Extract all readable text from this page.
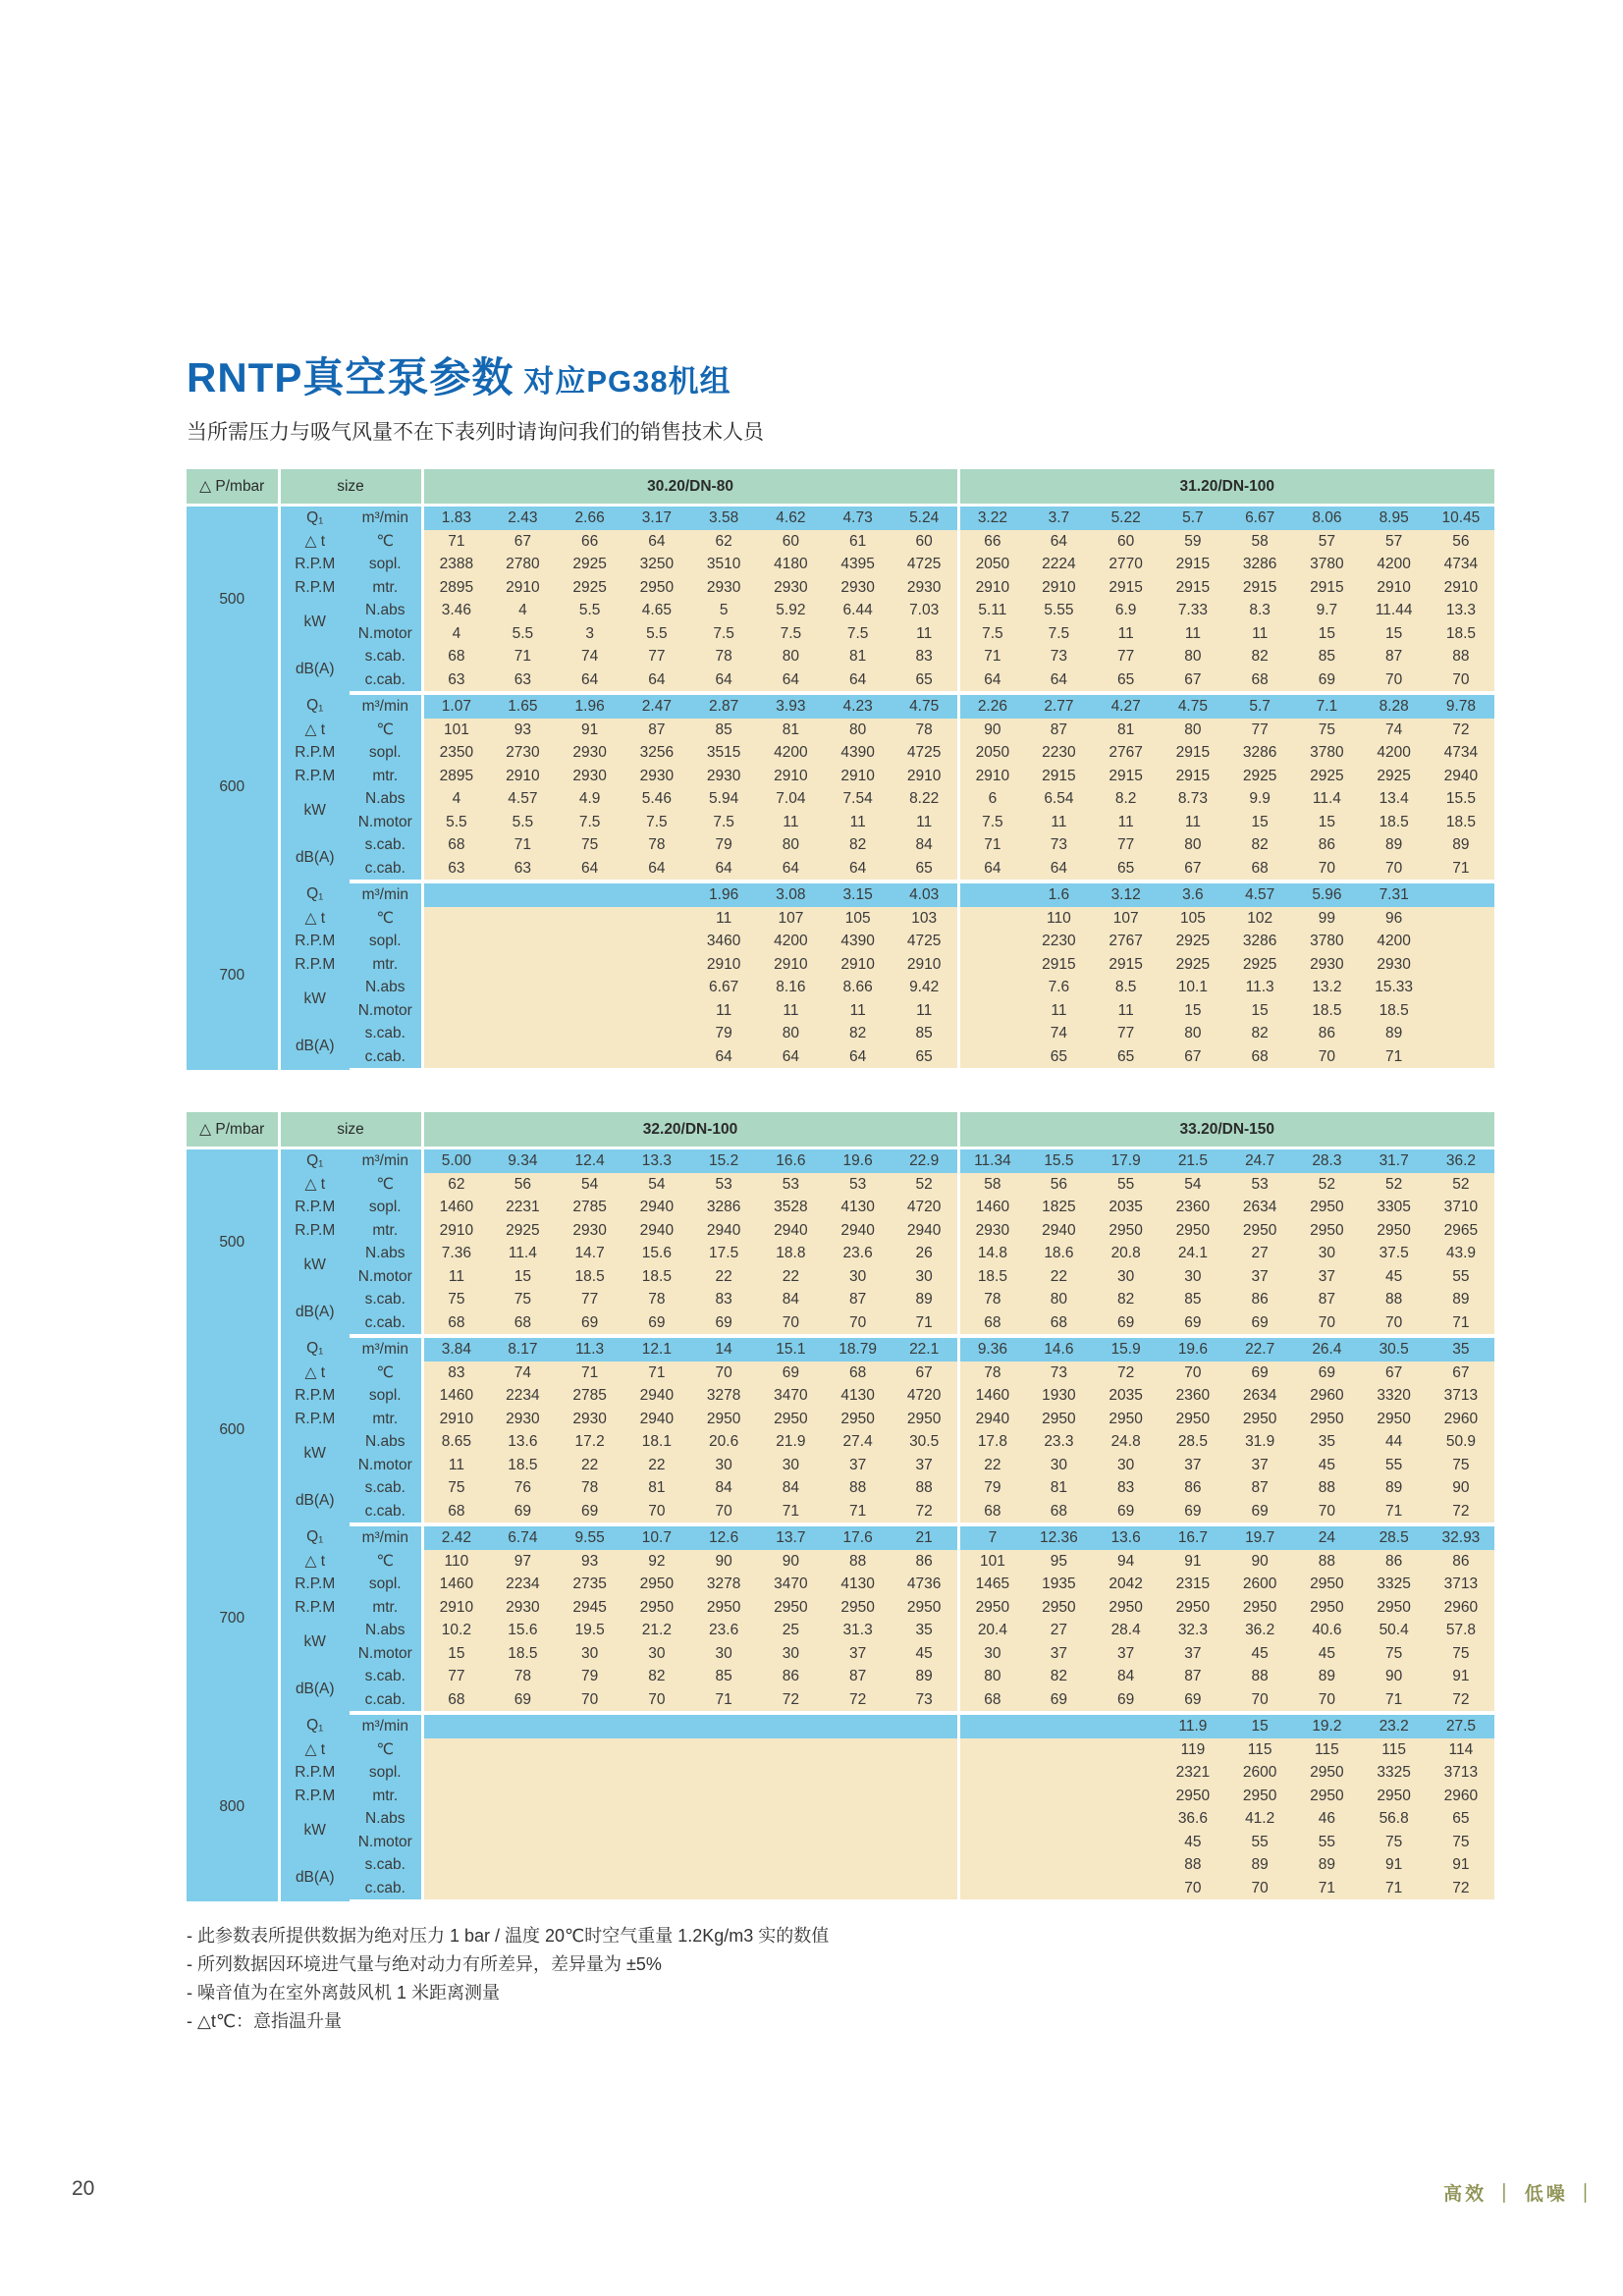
RNTP真空泵参数 对应PG38机组
当所需压力与吸气风量不在下表列时请询问我们的销售技术人员
△ P/mbar	size		30.20/DN-80								31.20/DN-100							
500	Q₁	m³/min	1.83	2.43	2.66	3.17	3.58	4.62	4.73	5.24	3.22	3.7	5.22	5.7	6.67	8.06	8.95	10.45
	△ t	℃	71	67	66	64	62	60	61	60	66	64	60	59	58	57	57	56
	R.P.M	sopl.	2388	2780	2925	3250	3510	4180	4395	4725	2050	2224	2770	2915	3286	3780	4200	4734
	R.P.M	mtr.	2895	2910	2925	2950	2930	2930	2930	2930	2910	2910	2915	2915	2915	2915	2910	2910
	kW	N.abs	3.46	4	5.5	4.65	5	5.92	6.44	7.03	5.11	5.55	6.9	7.33	8.3	9.7	11.44	13.3
		N.motor	4	5.5	3	5.5	7.5	7.5	7.5	11	7.5	7.5	11	11	11	15	15	18.5
	dB(A)	s.cab.	68	71	74	77	78	80	81	83	71	73	77	80	82	85	87	88
		c.cab.	63	63	64	64	64	64	64	65	64	64	65	67	68	69	70	70
600	Q₁	m³/min	1.07	1.65	1.96	2.47	2.87	3.93	4.23	4.75	2.26	2.77	4.27	4.75	5.7	7.1	8.28	9.78
	△ t	℃	101	93	91	87	85	81	80	78	90	87	81	80	77	75	74	72
	R.P.M	sopl.	2350	2730	2930	3256	3515	4200	4390	4725	2050	2230	2767	2915	3286	3780	4200	4734
	R.P.M	mtr.	2895	2910	2930	2930	2930	2910	2910	2910	2910	2915	2915	2915	2925	2925	2925	2940
	kW	N.abs	4	4.57	4.9	5.46	5.94	7.04	7.54	8.22	6	6.54	8.2	8.73	9.9	11.4	13.4	15.5
		N.motor	5.5	5.5	7.5	7.5	7.5	11	11	11	7.5	11	11	11	15	15	18.5	18.5
	dB(A)	s.cab.	68	71	75	78	79	80	82	84	71	73	77	80	82	86	89	89
		c.cab.	63	63	64	64	64	64	64	65	64	64	65	67	68	70	70	71
700	Q₁	m³/min					1.96	3.08	3.15	4.03		1.6	3.12	3.6	4.57	5.96	7.31	
	△ t	℃					11	107	105	103		110	107	105	102	99	96	
	R.P.M	sopl.					3460	4200	4390	4725		2230	2767	2925	3286	3780	4200	
	R.P.M	mtr.					2910	2910	2910	2910		2915	2915	2925	2925	2930	2930	
	kW	N.abs					6.67	8.16	8.66	9.42		7.6	8.5	10.1	11.3	13.2	15.33	
		N.motor					11	11	11	11		11	11	15	15	18.5	18.5	
	dB(A)	s.cab.					79	80	82	85		74	77	80	82	86	89	
		c.cab.					64	64	64	65		65	65	67	68	70	71	
△ P/mbar	size		32.20/DN-100								33.20/DN-150							
500	Q₁	m³/min	5.00	9.34	12.4	13.3	15.2	16.6	19.6	22.9	11.34	15.5	17.9	21.5	24.7	28.3	31.7	36.2
	△ t	℃	62	56	54	54	53	53	53	52	58	56	55	54	53	52	52	52
	R.P.M	sopl.	1460	2231	2785	2940	3286	3528	4130	4720	1460	1825	2035	2360	2634	2950	3305	3710
	R.P.M	mtr.	2910	2925	2930	2940	2940	2940	2940	2940	2930	2940	2950	2950	2950	2950	2950	2965
	kW	N.abs	7.36	11.4	14.7	15.6	17.5	18.8	23.6	26	14.8	18.6	20.8	24.1	27	30	37.5	43.9
		N.motor	11	15	18.5	18.5	22	22	30	30	18.5	22	30	30	37	37	45	55
	dB(A)	s.cab.	75	75	77	78	83	84	87	89	78	80	82	85	86	87	88	89
		c.cab.	68	68	69	69	69	70	70	71	68	68	69	69	69	70	70	71
600	Q₁	m³/min	3.84	8.17	11.3	12.1	14	15.1	18.79	22.1	9.36	14.6	15.9	19.6	22.7	26.4	30.5	35
	△ t	℃	83	74	71	71	70	69	68	67	78	73	72	70	69	69	67	67
	R.P.M	sopl.	1460	2234	2785	2940	3278	3470	4130	4720	1460	1930	2035	2360	2634	2960	3320	3713
	R.P.M	mtr.	2910	2930	2930	2940	2950	2950	2950	2950	2940	2950	2950	2950	2950	2950	2950	2960
	kW	N.abs	8.65	13.6	17.2	18.1	20.6	21.9	27.4	30.5	17.8	23.3	24.8	28.5	31.9	35	44	50.9
		N.motor	11	18.5	22	22	30	30	37	37	22	30	30	37	37	45	55	75
	dB(A)	s.cab.	75	76	78	81	84	84	88	88	79	81	83	86	87	88	89	90
		c.cab.	68	69	69	70	70	71	71	72	68	68	69	69	69	70	71	72
700	Q₁	m³/min	2.42	6.74	9.55	10.7	12.6	13.7	17.6	21	7	12.36	13.6	16.7	19.7	24	28.5	32.93
	△ t	℃	110	97	93	92	90	90	88	86	101	95	94	91	90	88	86	86
	R.P.M	sopl.	1460	2234	2735	2950	3278	3470	4130	4736	1465	1935	2042	2315	2600	2950	3325	3713
	R.P.M	mtr.	2910	2930	2945	2950	2950	2950	2950	2950	2950	2950	2950	2950	2950	2950	2950	2960
	kW	N.abs	10.2	15.6	19.5	21.2	23.6	25	31.3	35	20.4	27	28.4	32.3	36.2	40.6	50.4	57.8
		N.motor	15	18.5	30	30	30	30	37	45	30	37	37	37	45	45	75	75
	dB(A)	s.cab.	77	78	79	82	85	86	87	89	80	82	84	87	88	89	90	91
		c.cab.	68	69	70	70	71	72	72	73	68	69	69	69	70	70	71	72
800	Q₁	m³/min												11.9	15	19.2	23.2	27.5
	△ t	℃												119	115	115	115	114
	R.P.M	sopl.												2321	2600	2950	3325	3713
	R.P.M	mtr.												2950	2950	2950	2950	2960
	kW	N.abs												36.6	41.2	46	56.8	65
		N.motor												45	55	55	75	75
	dB(A)	s.cab.												88	89	89	91	91
		c.cab.												70	70	71	71	72
- 此参数表所提供数据为绝对压力 1 bar / 温度 20℃时空气重量 1.2Kg/m3 实的数值
- 所列数据因环境进气量与绝对动力有所差异，差异量为 ±5%
- 噪音值为在室外离鼓风机 1 米距离测量
- △t℃：意指温升量
20	高效 ｜ 低噪 ｜
